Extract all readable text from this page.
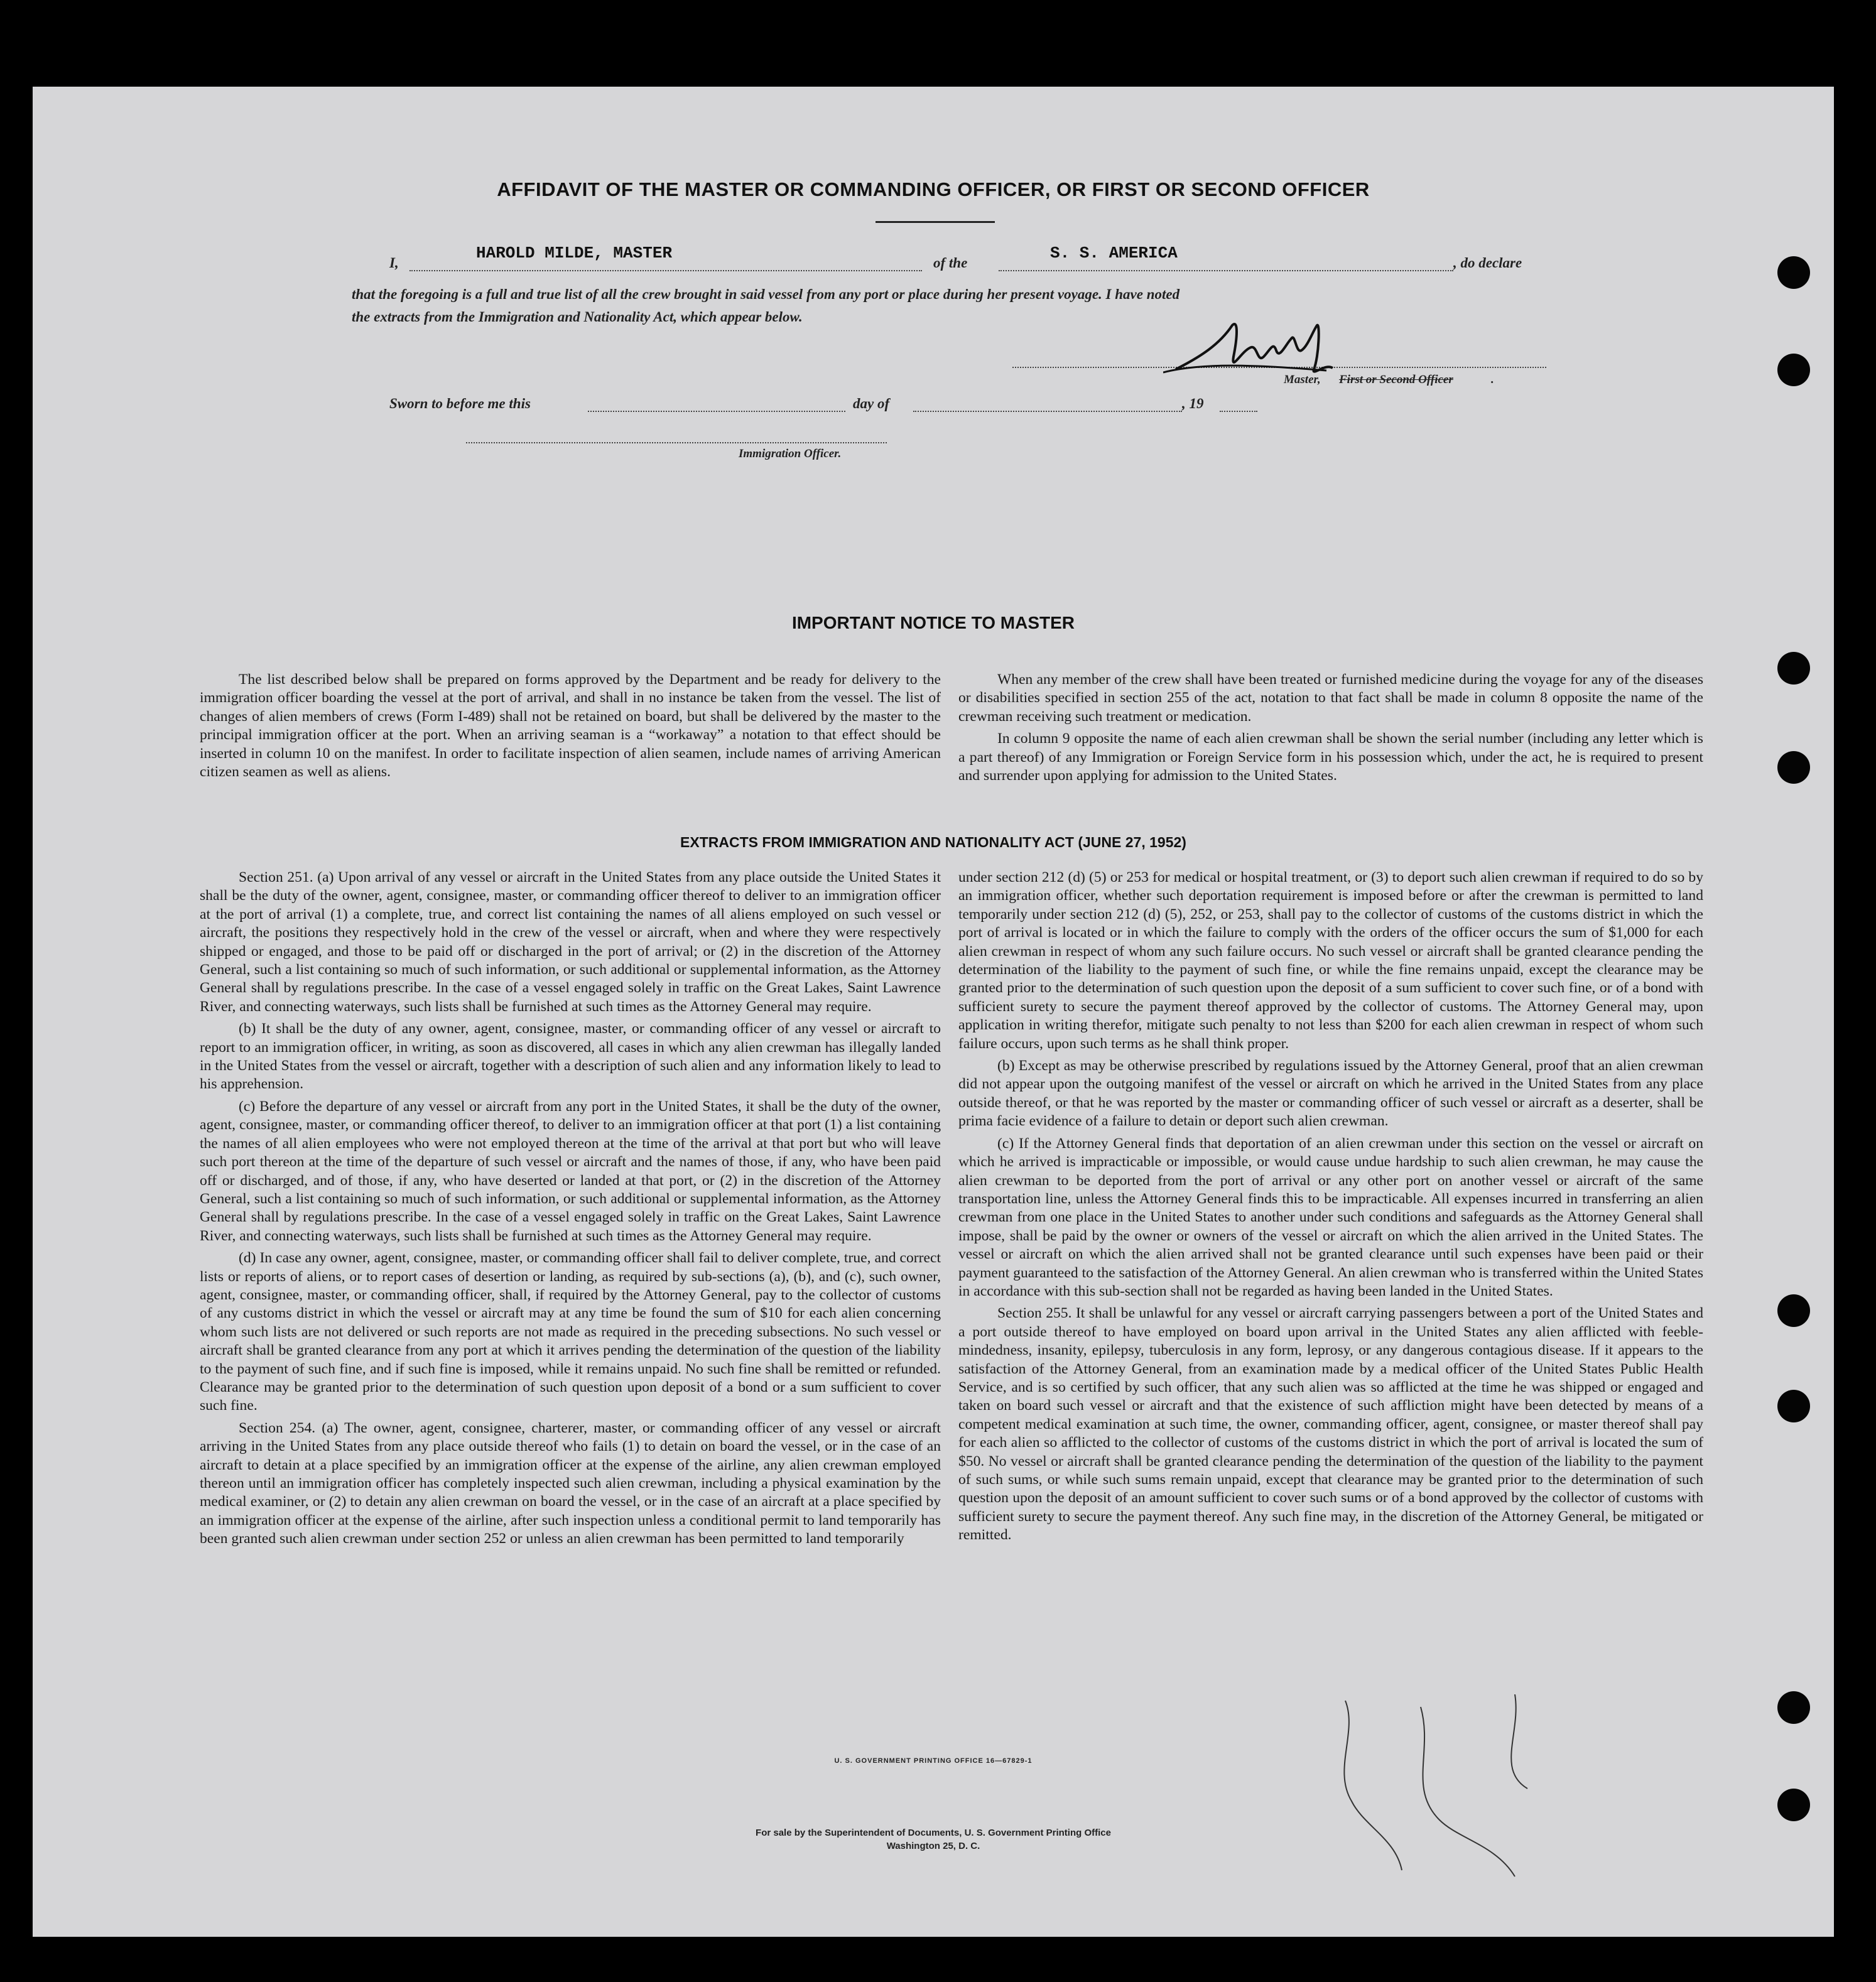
AFFIDAVIT OF THE MASTER OR COMMANDING OFFICER, OR FIRST OR SECOND OFFICER
I,
HAROLD MILDE, MASTER
of the
S. S. AMERICA
, do declare
that the foregoing is a full and true list of all the crew brought in said vessel from any port or place during her present voyage. I have noted
the extracts from the Immigration and Nationality Act, which appear below.
Master, First or Second Officer	.
Sworn to before me this	day of	, 19
Immigration Officer.
IMPORTANT NOTICE TO MASTER

The list described below shall be prepared on forms approved by the Department and be ready for delivery to the immigration officer boarding the vessel at the port of arrival, and shall in no instance be taken from the vessel. The list of changes of alien members of crews (Form I-489) shall not be retained on board, but shall be delivered by the master to the principal immigration officer at the port. When an arriving seaman is a “workaway” a notation to that effect should be inserted in column 10 on the manifest. In order to facilitate inspection of alien seamen, include names of arriving American citizen seamen as well as aliens.

When any member of the crew shall have been treated or furnished medicine during the voyage for any of the diseases or disabilities specified in section 255 of the act, notation to that fact shall be made in column 8 opposite the name of the crewman receiving such treatment or medication.

In column 9 opposite the name of each alien crewman shall be shown the serial number (including any letter which is a part thereof) of any Immigration or Foreign Service form in his possession which, under the act, he is required to present and surrender upon applying for admission to the United States.

EXTRACTS FROM IMMIGRATION AND NATIONALITY ACT (JUNE 27, 1952)

Section 251. (a) Upon arrival of any vessel or aircraft in the United States from any place outside the United States it shall be the duty of the owner, agent, consignee, master, or commanding officer thereof to deliver to an immigration officer at the port of arrival (1) a complete, true, and correct list containing the names of all aliens employed on such vessel or aircraft, the positions they respectively hold in the crew of the vessel or aircraft, when and where they were respectively shipped or engaged, and those to be paid off or discharged in the port of arrival; or (2) in the discretion of the Attorney General, such a list containing so much of such information, or such additional or supplemental information, as the Attorney General shall by regulations prescribe. In the case of a vessel engaged solely in traffic on the Great Lakes, Saint Lawrence River, and connecting waterways, such lists shall be furnished at such times as the Attorney General may require.

(b) It shall be the duty of any owner, agent, consignee, master, or commanding officer of any vessel or aircraft to report to an immigration officer, in writing, as soon as discovered, all cases in which any alien crewman has illegally landed in the United States from the vessel or aircraft, together with a description of such alien and any information likely to lead to his apprehension.

(c) Before the departure of any vessel or aircraft from any port in the United States, it shall be the duty of the owner, agent, consignee, master, or commanding officer thereof, to deliver to an immigration officer at that port (1) a list containing the names of all alien employees who were not employed thereon at the time of the arrival at that port but who will leave such port thereon at the time of the departure of such vessel or aircraft and the names of those, if any, who have been paid off or discharged, and of those, if any, who have deserted or landed at that port, or (2) in the discretion of the Attorney General, such a list containing so much of such information, or such additional or supplemental information, as the Attorney General shall by regulations prescribe. In the case of a vessel engaged solely in traffic on the Great Lakes, Saint Lawrence River, and connecting waterways, such lists shall be furnished at such times as the Attorney General may require.

(d) In case any owner, agent, consignee, master, or commanding officer shall fail to deliver complete, true, and correct lists or reports of aliens, or to report cases of desertion or landing, as required by sub-sections (a), (b), and (c), such owner, agent, consignee, master, or commanding officer, shall, if required by the Attorney General, pay to the collector of customs of any customs district in which the vessel or aircraft may at any time be found the sum of $10 for each alien concerning whom such lists are not delivered or such reports are not made as required in the preceding subsections. No such vessel or aircraft shall be granted clearance from any port at which it arrives pending the determination of the question of the liability to the payment of such fine, and if such fine is imposed, while it remains unpaid. No such fine shall be remitted or refunded. Clearance may be granted prior to the determination of such question upon deposit of a bond or a sum sufficient to cover such fine.

Section 254. (a) The owner, agent, consignee, charterer, master, or commanding officer of any vessel or aircraft arriving in the United States from any place outside thereof who fails (1) to detain on board the vessel, or in the case of an aircraft to detain at a place specified by an immigration officer at the expense of the airline, any alien crewman employed thereon until an immigration officer has completely inspected such alien crewman, including a physical examination by the medical examiner, or (2) to detain any alien crewman on board the vessel, or in the case of an aircraft at a place specified by an immigration officer at the expense of the airline, after such inspection unless a conditional permit to land temporarily has been granted such alien crewman under section 252 or unless an alien crewman has been permitted to land temporarily

under section 212 (d) (5) or 253 for medical or hospital treatment, or (3) to deport such alien crewman if required to do so by an immigration officer, whether such deportation requirement is imposed before or after the crewman is permitted to land temporarily under section 212 (d) (5), 252, or 253, shall pay to the collector of customs of the customs district in which the port of arrival is located or in which the failure to comply with the orders of the officer occurs the sum of $1,000 for each alien crewman in respect of whom any such failure occurs. No such vessel or aircraft shall be granted clearance pending the determination of the liability to the payment of such fine, or while the fine remains unpaid, except the clearance may be granted prior to the determination of such question upon the deposit of a sum sufficient to cover such fine, or of a bond with sufficient surety to secure the payment thereof approved by the collector of customs. The Attorney General may, upon application in writing therefor, mitigate such penalty to not less than $200 for each alien crewman in respect of whom such failure occurs, upon such terms as he shall think proper.

(b) Except as may be otherwise prescribed by regulations issued by the Attorney General, proof that an alien crewman did not appear upon the outgoing manifest of the vessel or aircraft on which he arrived in the United States from any place outside thereof, or that he was reported by the master or commanding officer of such vessel or aircraft as a deserter, shall be prima facie evidence of a failure to detain or deport such alien crewman.

(c) If the Attorney General finds that deportation of an alien crewman under this section on the vessel or aircraft on which he arrived is impracticable or impossible, or would cause undue hardship to such alien crewman, he may cause the alien crewman to be deported from the port of arrival or any other port on another vessel or aircraft of the same transportation line, unless the Attorney General finds this to be impracticable. All expenses incurred in transferring an alien crewman from one place in the United States to another under such conditions and safeguards as the Attorney General shall impose, shall be paid by the owner or owners of the vessel or aircraft on which the alien arrived in the United States. The vessel or aircraft on which the alien arrived shall not be granted clearance until such expenses have been paid or their payment guaranteed to the satisfaction of the Attorney General. An alien crewman who is transferred within the United States in accordance with this sub-section shall not be regarded as having been landed in the United States.

Section 255. It shall be unlawful for any vessel or aircraft carrying passengers between a port of the United States and a port outside thereof to have employed on board upon arrival in the United States any alien afflicted with feeble-mindedness, insanity, epilepsy, tuberculosis in any form, leprosy, or any dangerous contagious disease. If it appears to the satisfaction of the Attorney General, from an examination made by a medical officer of the United States Public Health Service, and is so certified by such officer, that any such alien was so afflicted at the time he was shipped or engaged and taken on board such vessel or aircraft and that the existence of such affliction might have been detected by means of a competent medical examination at such time, the owner, commanding officer, agent, consignee, or master thereof shall pay for each alien so afflicted to the collector of customs of the customs district in which the port of arrival is located the sum of $50. No vessel or aircraft shall be granted clearance pending the determination of the question of the liability to the payment of such sums, or while such sums remain unpaid, except that clearance may be granted prior to the determination of such question upon the deposit of an amount sufficient to cover such sums or of a bond approved by the collector of customs with sufficient surety to secure the payment thereof. Any such fine may, in the discretion of the Attorney General, be mitigated or remitted.

U. S. GOVERNMENT PRINTING OFFICE 16—67829-1
For sale by the Superintendent of Documents, U. S. Government Printing Office
Washington 25, D. C.
